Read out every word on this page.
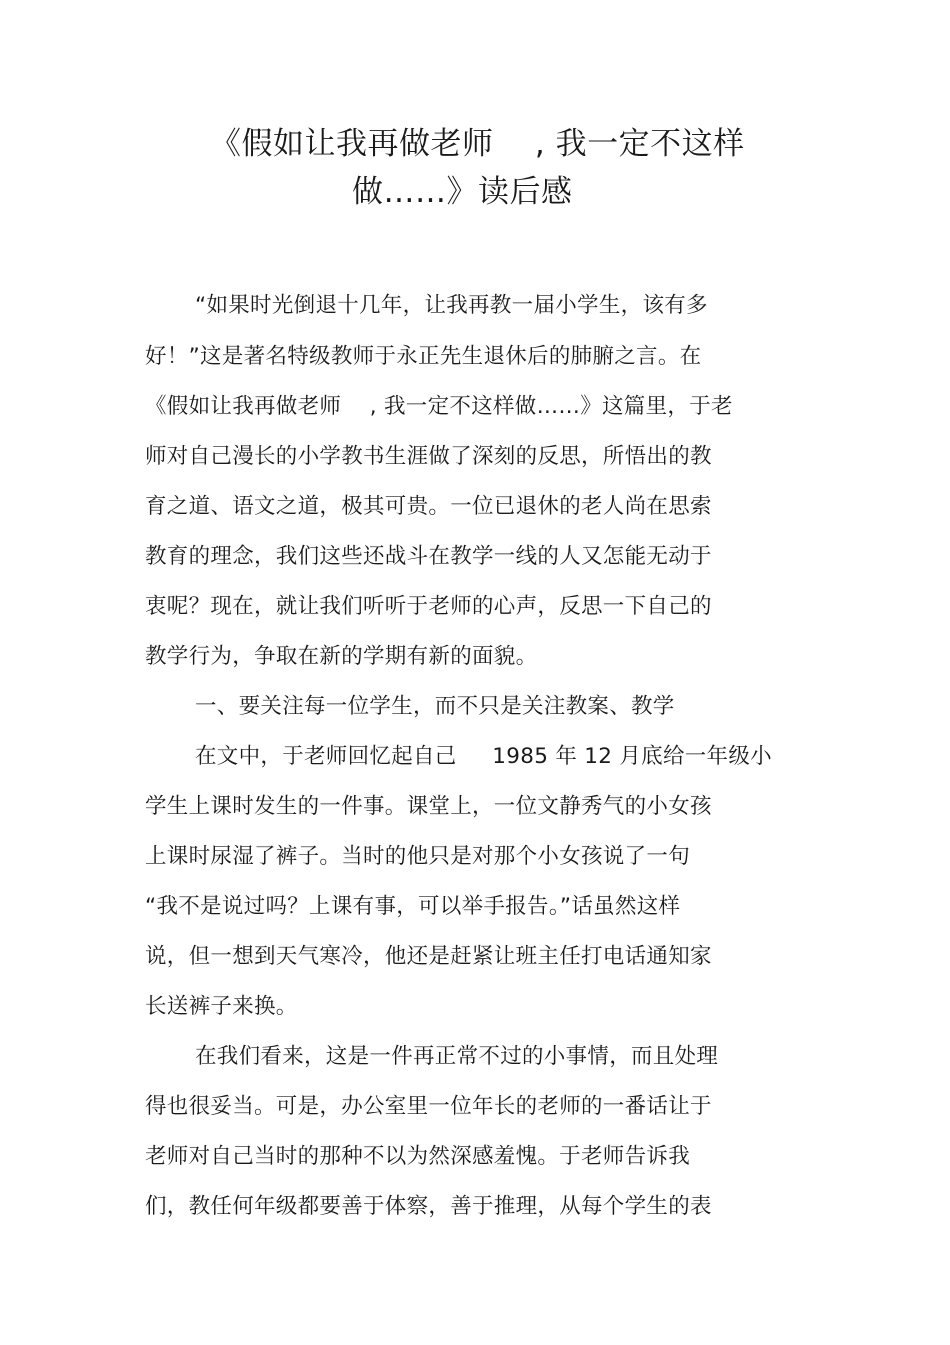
《假如让我再做老师    , 我一定不这样
做……》读后感
“如果时光倒退十几年，让我再教一届小学生，该有多
好！”这是著名特级教师于永正先生退休后的肺腑之言。在
《假如让我再做老师    , 我一定不这样做……》这篇里，于老
师对自己漫长的小学教书生涯做了深刻的反思，所悟出的教
育之道、语文之道，极其可贵。一位已退休的老人尚在思索
教育的理念，我们这些还战斗在教学一线的人又怎能无动于
衷呢？现在，就让我们听听于老师的心声，反思一下自己的
教学行为，争取在新的学期有新的面貌。
一、要关注每一位学生，而不只是关注教案、教学
在文中，于老师回忆起自己     1985 年 12 月底给一年级小
学生上课时发生的一件事。课堂上，一位文静秀气的小女孩
上课时尿湿了裤子。当时的他只是对那个小女孩说了一句
“我不是说过吗？上课有事，可以举手报告。”话虽然这样
说，但一想到天气寒冷，他还是赶紧让班主任打电话通知家
长送裤子来换。
在我们看来，这是一件再正常不过的小事情，而且处理
得也很妥当。可是，办公室里一位年长的老师的一番话让于
老师对自己当时的那种不以为然深感羞愧。于老师告诉我
们，教任何年级都要善于体察，善于推理，从每个学生的表
